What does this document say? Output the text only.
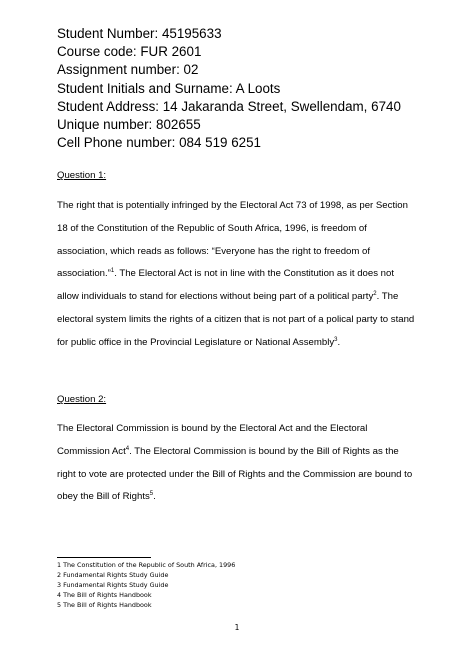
Student Number: 45195633
Course code: FUR 2601
Assignment number: 02
Student Initials and Surname: A Loots
Student Address: 14 Jakaranda Street, Swellendam, 6740
Unique number: 802655
Cell Phone number: 084 519 6251
Question 1:
The right that is potentially infringed by the Electoral Act 73 of 1998, as per Section
18 of the Constitution of the Republic of South Africa, 1996, is freedom of
association, which reads as follows: “Everyone has the right to freedom of
association.”$^1$. The Electoral Act is not in line with the Constitution as it does not
allow individuals to stand for elections without being part of a political party$^2$. The
electoral system limits the rights of a citizen that is not part of a polical party to stand
for public office in the Provincial Legislature or National Assembly$^3$.
Question 2:
The Electoral Commission is bound by the Electoral Act and the Electoral
Commission Act$^4$. The Electoral Commission is bound by the Bill of Rights as the
right to vote are protected under the Bill of Rights and the Commission are bound to
obey the Bill of Rights$^5$.
1 The Constitution of the Republic of South Africa, 1996
2 Fundamental Rights Study Guide
3 Fundamental Rights Study Guide
4 The Bill of Rights Handbook
5 The Bill of Rights Handbook
1
